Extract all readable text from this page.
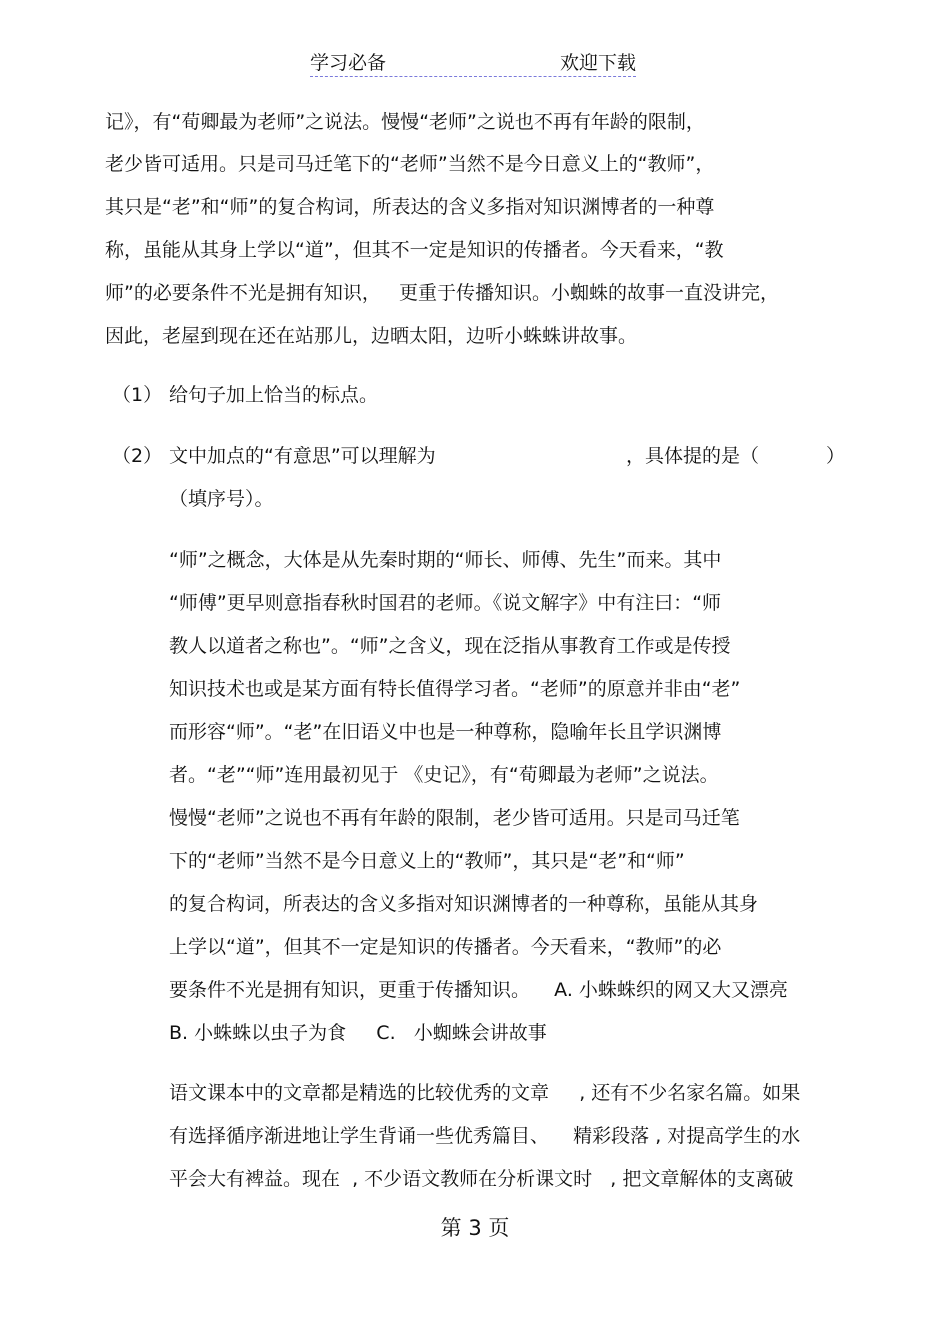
学习必备	欢迎下载
记》，有“荀卿最为老师”之说法。慢慢“老师”之说也不再有年龄的限制，
老少皆可适用。只是司马迁笔下的“老师”当然不是今日意义上的“教师”，
其只是“老”和“师”的复合构词，所表达的含义多指对知识渊博者的一种尊
称，虽能从其身上学以“道”，但其不一定是知识的传播者。今天看来，“教
师”的必要条件不光是拥有知识，   更重于传播知识。小蜘蛛的故事一直没讲完，
因此，老屋到现在还在站那儿，边晒太阳，边听小蛛蛛讲故事。
（1） 给句子加上恰当的标点。
（2） 文中加点的“有意思”可以理解为	，具体提的是（	）
（填序号）。
“师”之概念，大体是从先秦时期的“师长、师傅、先生”而来。其中
“师傅”更早则意指春秋时国君的老师。《说文解字》中有注曰：“师
教人以道者之称也”。“师”之含义，现在泛指从事教育工作或是传授
知识技术也或是某方面有特长值得学习者。“老师”的原意并非由“老”
而形容“师”。“老”在旧语义中也是一种尊称，隐喻年长且学识渊博
者。“老”“师”连用最初见于 《史记》，有“荀卿最为老师”之说法。
慢慢“老师”之说也不再有年龄的限制，老少皆可适用。只是司马迁笔
下的“老师”当然不是今日意义上的“教师”，其只是“老”和“师”
的复合构词，所表达的含义多指对知识渊博者的一种尊称，虽能从其身
上学以“道”，但其不一定是知识的传播者。今天看来，“教师”的必
要条件不光是拥有知识，更重于传播知识。    A. 小蛛蛛织的网又大又漂亮
B. 小蛛蛛以虫子为食     C.   小蜘蛛会讲故事
语文课本中的文章都是精选的比较优秀的文章     , 还有不少名家名篇。如果
有选择循序渐进地让学生背诵一些优秀篇目、    精彩段落 , 对提高学生的水
平会大有裨益。现在  , 不少语文教师在分析课文时   , 把文章解体的支离破
第 3 页
